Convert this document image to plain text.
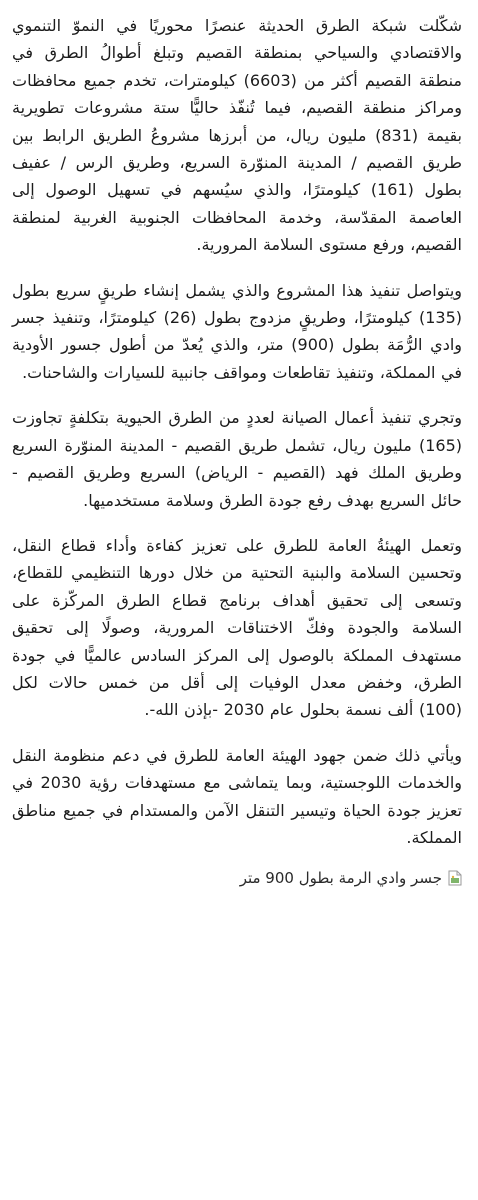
شكّلت شبكة الطرق الحديثة عنصرًا محوريًا في النموّ التنموي والاقتصادي والسياحي بمنطقة القصيم وتبلغ أطوالُ الطرق في منطقة القصيم أكثر من (6603) كيلومترات، تخدم جميع محافظات ومراكز منطقة القصيم، فيما تُنفّذ حاليًّا ستة مشروعات تطويرية بقيمة (831) مليون ريال، من أبرزها مشروعُ الطريق الرابط بين طريق القصيم / المدينة المنوّرة السريع، وطريق الرس / عفيف بطول (161) كيلومترًا، والذي سيُسهم في تسهيل الوصول إلى العاصمة المقدّسة، وخدمة المحافظات الجنوبية الغربية لمنطقة القصيم، ورفع مستوى السلامة المرورية.

ويتواصل تنفيذ هذا المشروع والذي يشمل إنشاء طريقٍ سريع بطول (135) كيلومترًا، وطريقٍ مزدوج بطول (26) كيلومترًا، وتنفيذ جسر وادي الرُّمَة بطول (900) متر، والذي يُعدّ من أطول جسور الأودية في المملكة، وتنفيذ تقاطعات ومواقف جانبية للسيارات والشاحنات.

وتجري تنفيذ أعمال الصيانة لعددٍ من الطرق الحيوية بتكلفةٍ تجاوزت (165) مليون ريال، تشمل طريق القصيم - المدينة المنوّرة السريع وطريق الملك فهد (القصيم - الرياض) السريع وطريق القصيم - حائل السريع بهدف رفع جودة الطرق وسلامة مستخدميها.

وتعمل الهيئةُ العامة للطرق على تعزيز كفاءة وأداء قطاع النقل، وتحسين السلامة والبنية التحتية من خلال دورها التنظيمي للقطاع، وتسعى إلى تحقيق أهداف برنامج قطاع الطرق المركّزة على السلامة والجودة وفكّ الاختناقات المرورية، وصولًا إلى تحقيق مستهدف المملكة بالوصول إلى المركز السادس عالميًّا في جودة الطرق، وخفض معدل الوفيات إلى أقل من خمس حالات لكل (100) ألف نسمة بحلول عام 2030 -بإذن الله-.

ويأتي ذلك ضمن جهود الهيئة العامة للطرق في دعم منظومة النقل والخدمات اللوجستية، وبما يتماشى مع مستهدفات رؤية 2030 في تعزيز جودة الحياة وتيسير التنقل الآمن والمستدام في جميع مناطق المملكة.

جسر وادي الرمة بطول 900 متر
